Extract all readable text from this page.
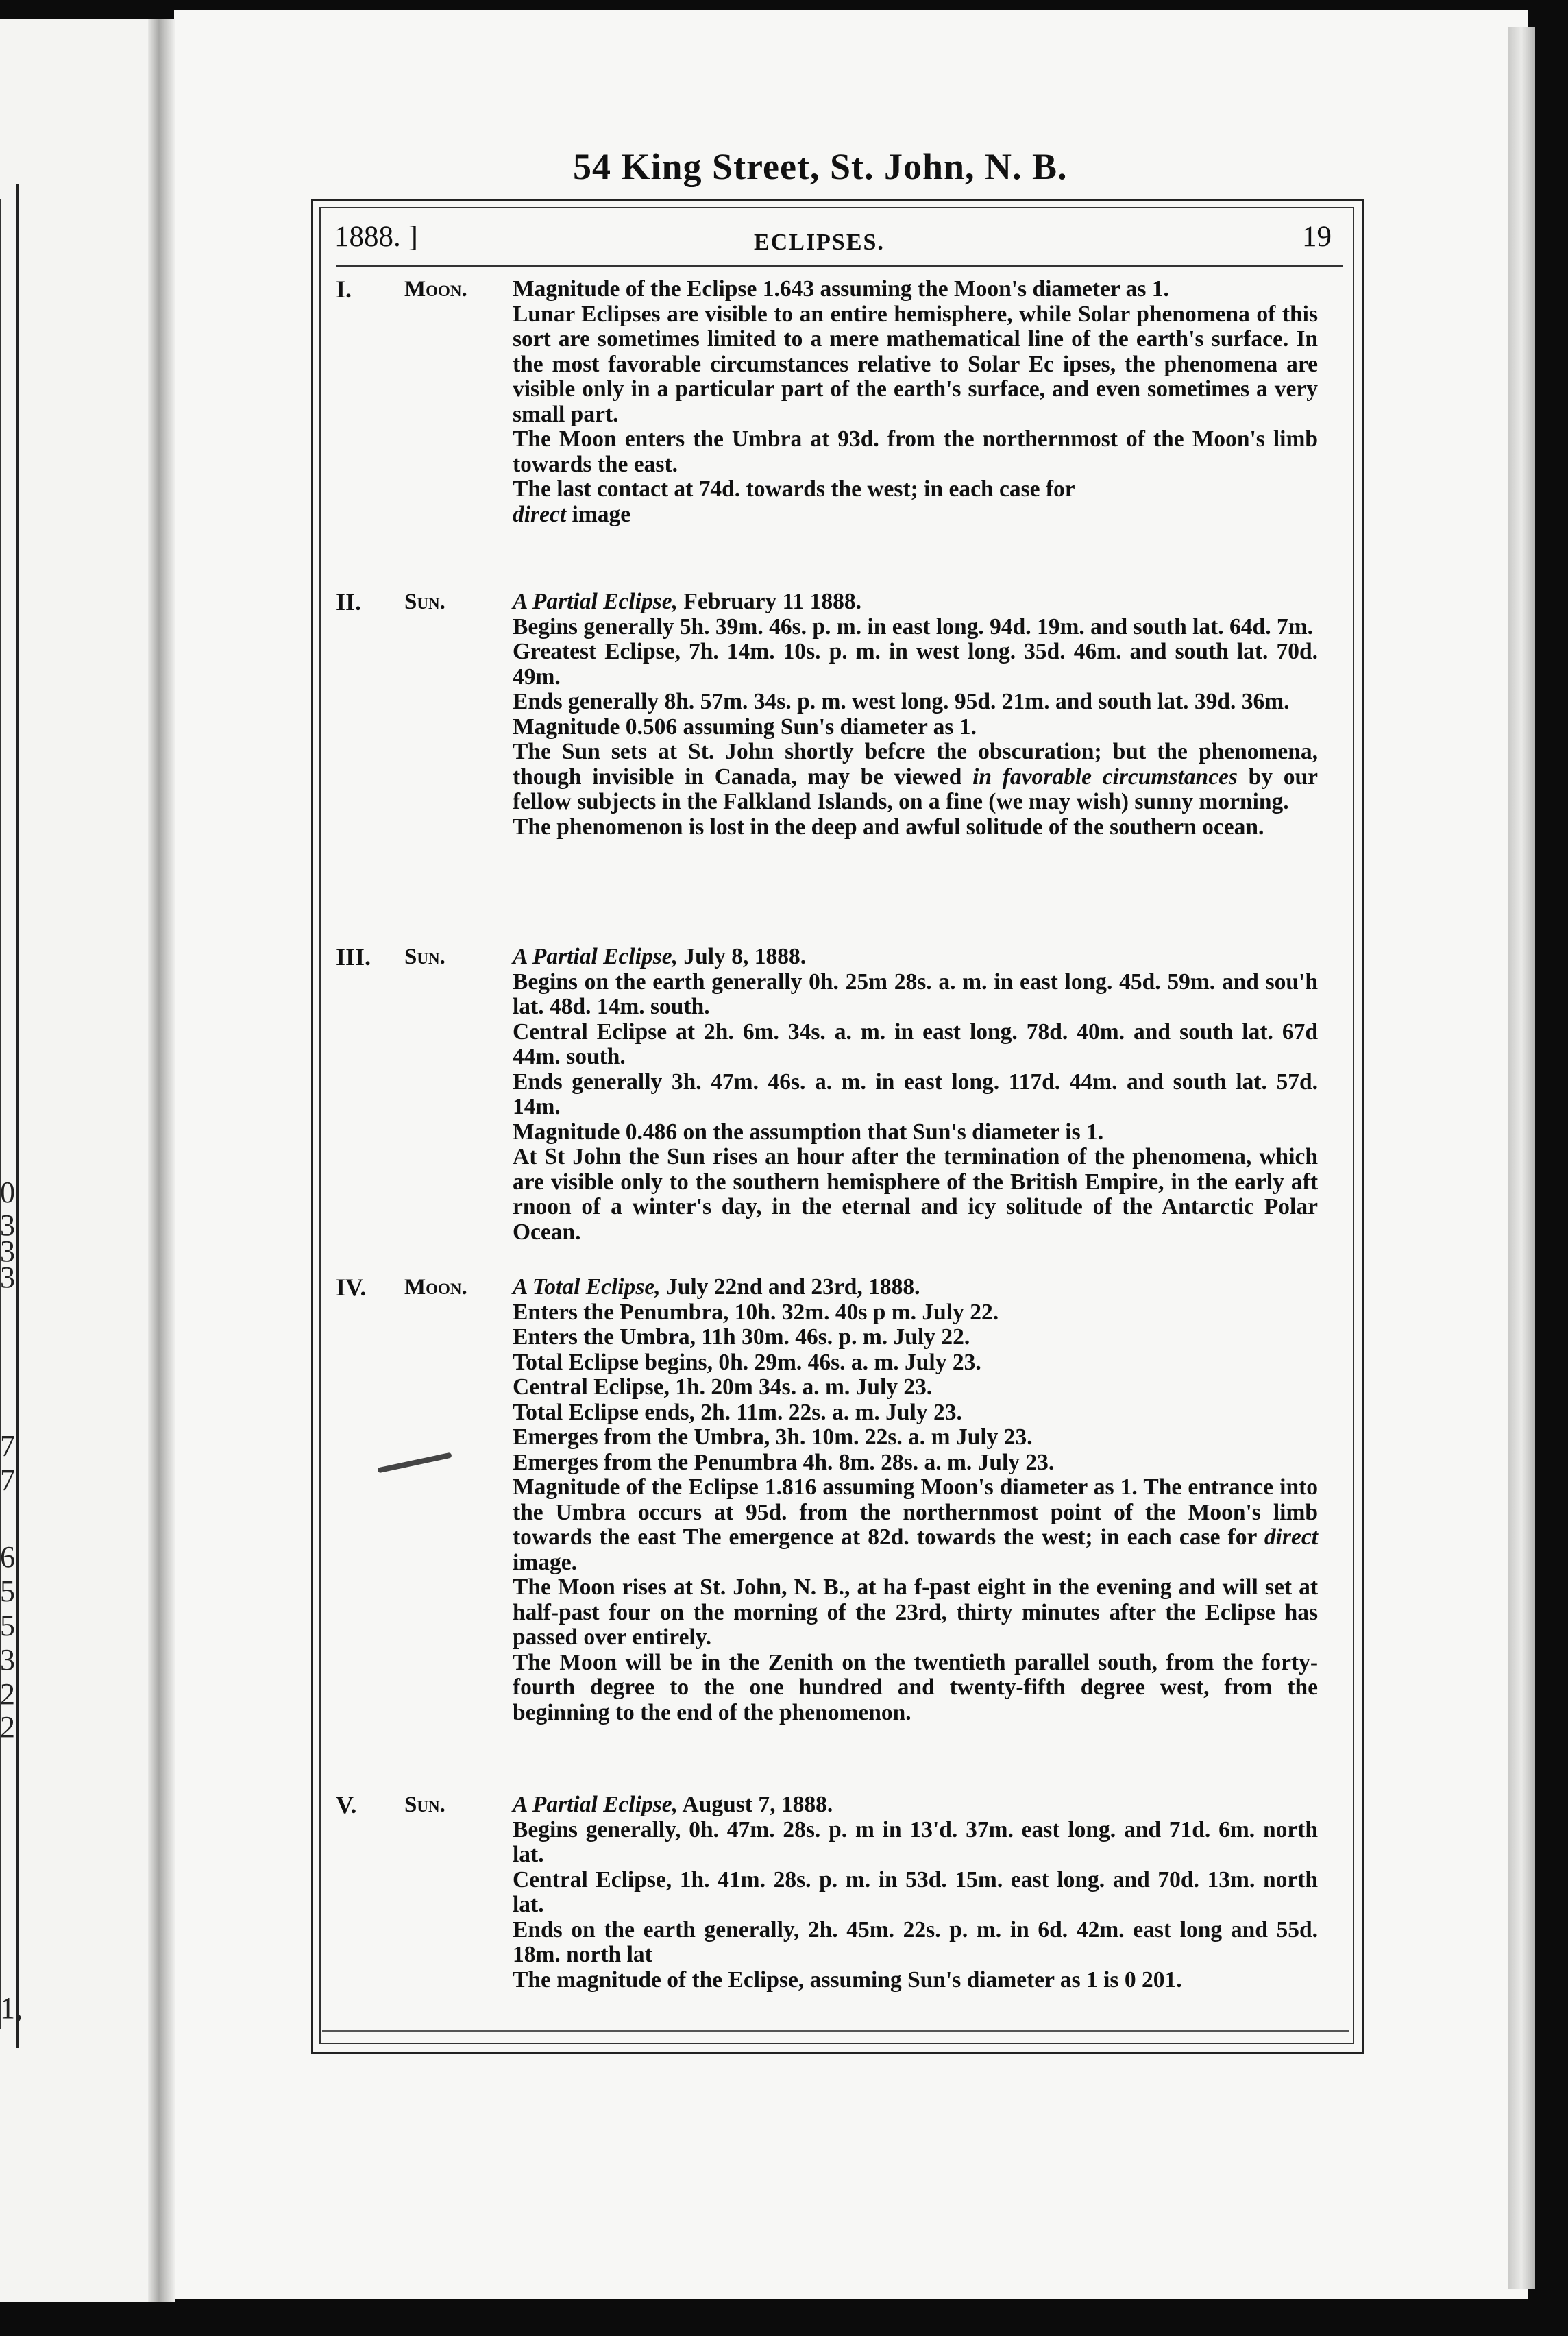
0
3
3
3
7
7
6
5
5
3
2
2
1,
54 King Street, St. John, N. B.
1888. ]	ECLIPSES.	19
I.	Moon.	Magnitude of the Eclipse 1.643 assuming the Moon's diameter as 1.

Lunar Eclipses are visible to an entire hemisphere, while Solar phenomena of this sort are sometimes limited to a mere mathematical line of the earth's surface. In the most favorable circumstances relative to Solar Ec ipses, the phenomena are visible only in a particular part of the earth's surface, and even sometimes a very small part.

The Moon enters the Umbra at 93d. from the northernmost of the Moon's limb towards the east.

The last contact at 74d. towards the west; in each case for
direct image

II.	Sun.	A Partial Eclipse, February 11 1888.

Begins generally 5h. 39m. 46s. p. m. in east long. 94d. 19m. and south lat. 64d. 7m.

Greatest Eclipse, 7h. 14m. 10s. p. m. in west long. 35d. 46m. and south lat. 70d. 49m.

Ends generally 8h. 57m. 34s. p. m. west long. 95d. 21m. and south lat. 39d. 36m.

Magnitude 0.506 assuming Sun's diameter as 1.

The Sun sets at St. John shortly befcre the obscuration; but the phenomena, though invisible in Canada, may be viewed in favorable circumstances by our fellow subjects in the Falkland Islands, on a fine (we may wish) sunny morning.

The phenomenon is lost in the deep and awful solitude of the southern ocean.

III.	Sun.	A Partial Eclipse, July 8, 1888.

Begins on the earth generally 0h. 25m 28s. a. m. in east long. 45d. 59m. and sou'h lat. 48d. 14m. south.

Central Eclipse at 2h. 6m. 34s. a. m. in east long. 78d. 40m. and south lat. 67d 44m. south.

Ends generally 3h. 47m. 46s. a. m. in east long. 117d. 44m. and south lat. 57d. 14m.

Magnitude 0.486 on the assumption that Sun's diameter is 1.

At St John the Sun rises an hour after the termination of the phenomena, which are visible only to the southern hemisphere of the British Empire, in the early aft rnoon of a winter's day, in the eternal and icy solitude of the Antarctic Polar Ocean.

IV.	Moon.	A Total Eclipse, July 22nd and 23rd, 1888.

Enters the Penumbra, 10h. 32m. 40s p m. July 22.

Enters the Umbra, 11h 30m. 46s. p. m. July 22.

Total Eclipse begins, 0h. 29m. 46s. a. m. July 23.

Central Eclipse, 1h. 20m 34s. a. m. July 23.

Total Eclipse ends, 2h. 11m. 22s. a. m. July 23.

Emerges from the Umbra, 3h. 10m. 22s. a. m July 23.

Emerges from the Penumbra 4h. 8m. 28s. a. m. July 23.

Magnitude of the Eclipse 1.816 assuming Moon's diameter as 1. The entrance into the Umbra occurs at 95d. from the northernmost point of the Moon's limb towards the east The emergence at 82d. towards the west; in each case for direct image.

The Moon rises at St. John, N. B., at ha f-past eight in the evening and will set at half-past four on the morning of the 23rd, thirty minutes after the Eclipse has passed over entirely.

The Moon will be in the Zenith on the twentieth parallel south, from the forty-fourth degree to the one hundred and twenty-fifth degree west, from the beginning to the end of the phenomenon.

V.	Sun.	A Partial Eclipse, August 7, 1888.

Begins generally, 0h. 47m. 28s. p. m in 13'd. 37m. east long. and 71d. 6m. north lat.

Central Eclipse, 1h. 41m. 28s. p. m. in 53d. 15m. east long. and 70d. 13m. north lat.

Ends on the earth generally, 2h. 45m. 22s. p. m. in 6d. 42m. east long and 55d. 18m. north lat

The magnitude of the Eclipse, assuming Sun's diameter as 1 is 0 201.
